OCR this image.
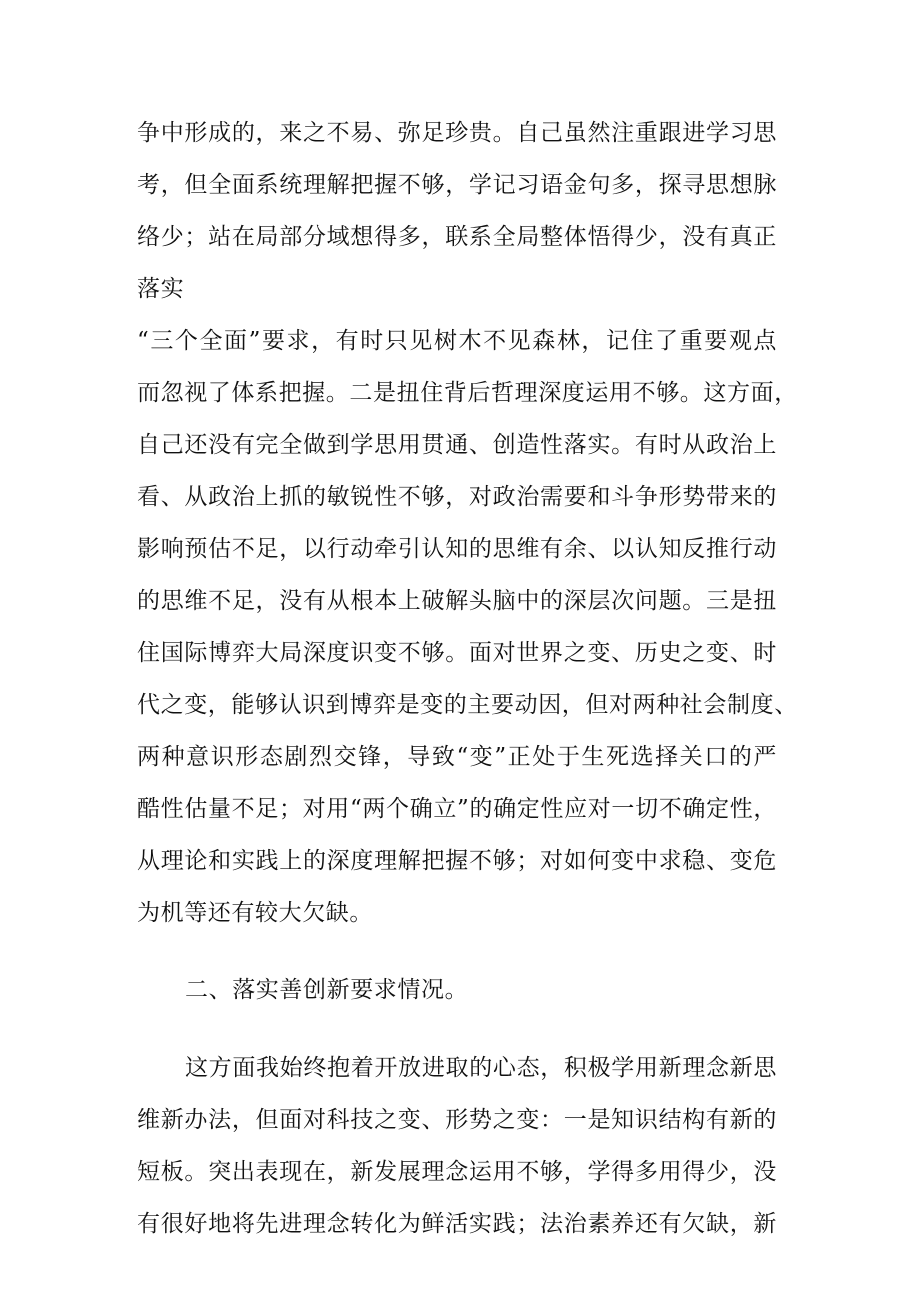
争中形成的，来之不易、弥足珍贵。自己虽然注重跟进学习思
考，但全面系统理解把握不够，学记习语金句多，探寻思想脉
络少；站在局部分域想得多，联系全局整体悟得少，没有真正
落实
“三个全面”要求，有时只见树木不见森林，记住了重要观点
而忽视了体系把握。二是扭住背后哲理深度运用不够。这方面，
自己还没有完全做到学思用贯通、创造性落实。有时从政治上
看、从政治上抓的敏锐性不够，对政治需要和斗争形势带来的
影响预估不足，以行动牵引认知的思维有余、以认知反推行动
的思维不足，没有从根本上破解头脑中的深层次问题。三是扭
住国际博弈大局深度识变不够。面对世界之变、历史之变、时
代之变，能够认识到博弈是变的主要动因，但对两种社会制度、
两种意识形态剧烈交锋，导致“变”正处于生死选择关口的严
酷性估量不足；对用“两个确立”的确定性应对一切不确定性，
从理论和实践上的深度理解把握不够；对如何变中求稳、变危
为机等还有较大欠缺。
二、落实善创新要求情况。
这方面我始终抱着开放进取的心态，积极学用新理念新思
维新办法，但面对科技之变、形势之变：一是知识结构有新的
短板。突出表现在，新发展理念运用不够，学得多用得少，没
有很好地将先进理念转化为鲜活实践；法治素养还有欠缺，新
